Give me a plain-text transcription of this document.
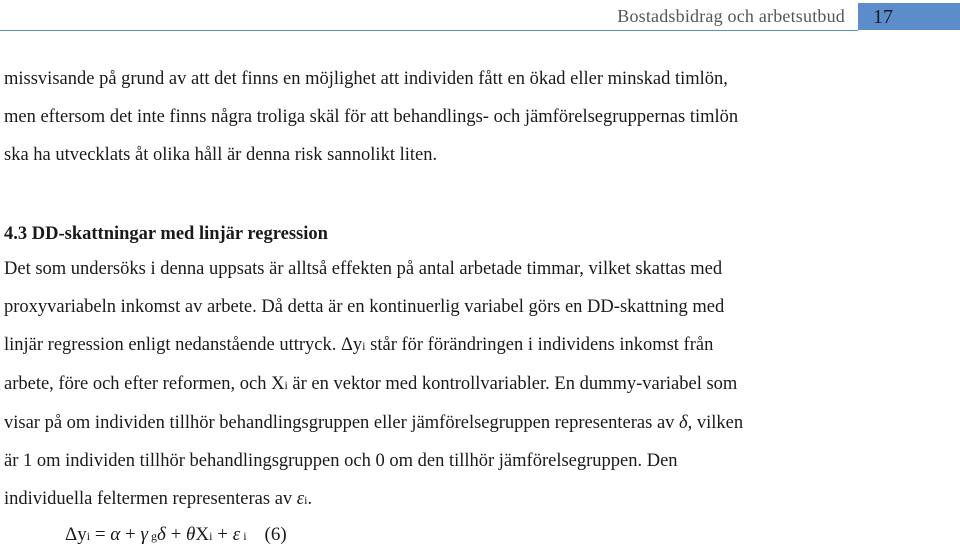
Bostadsbidrag och arbetsutbud 17
missvisande på grund av att det finns en möjlighet att individen fått en ökad eller minskad timlön,
men eftersom det inte finns några troliga skäl för att behandlings- och jämförelsegruppernas timlön
ska ha utvecklats åt olika håll är denna risk sannolikt liten.
4.3 DD-skattningar med linjär regression
Det som undersöks i denna uppsats är alltså effekten på antal arbetade timmar, vilket skattas med
proxyvariabeln inkomst av arbete. Då detta är en kontinuerlig variabel görs en DD-skattning med
linjär regression enligt nedanstående uttryck. Δyi står för förändringen i individens inkomst från
arbete, före och efter reformen, och Xi är en vektor med kontrollvariabler. En dummy-variabel som
visar på om individen tillhör behandlingsgruppen eller jämförelsegruppen representeras av δ, vilken
är 1 om individen tillhör behandlingsgruppen och 0 om den tillhör jämförelsegruppen. Den
individuella feltermen representeras av εi.
Δyi = α + γ gδ + θXi + ε i (6)
